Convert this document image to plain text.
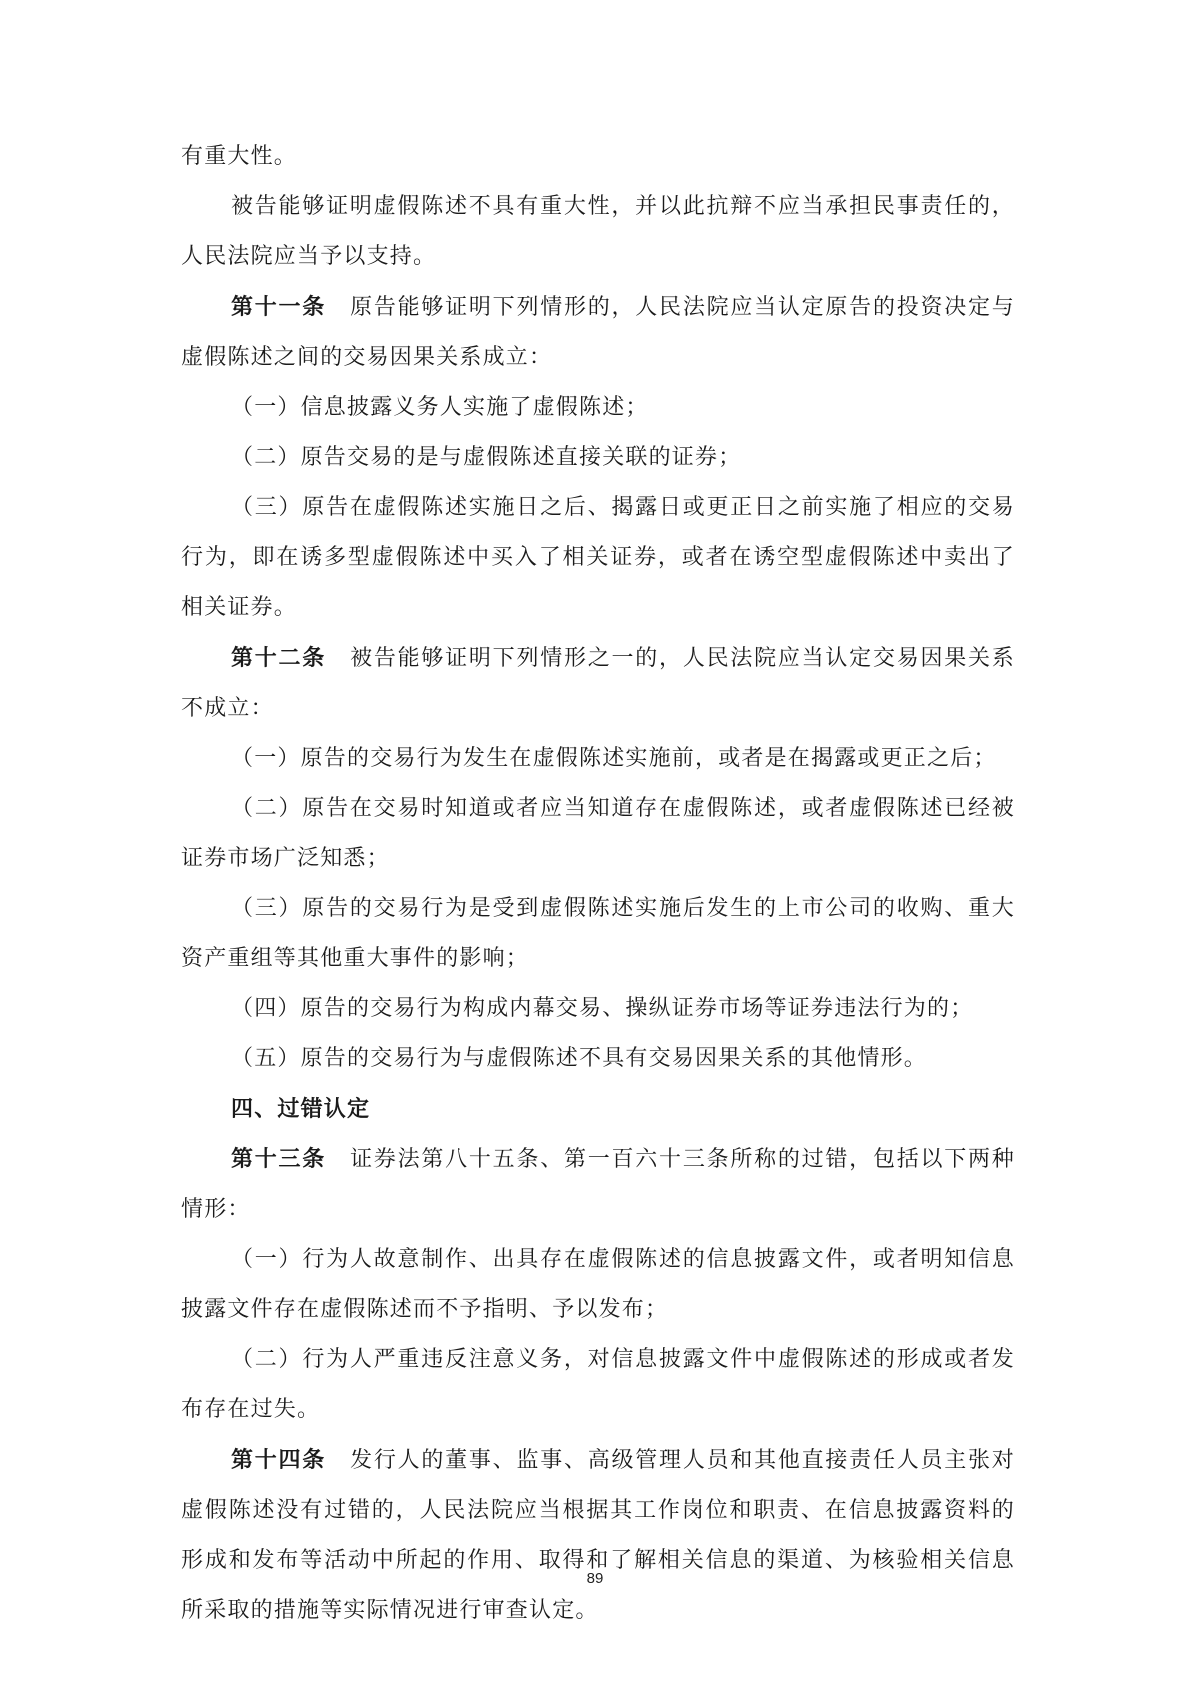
有重大性。

被告能够证明虚假陈述不具有重大性，并以此抗辩不应当承担民事责任的，人民法院应当予以支持。

第十一条 原告能够证明下列情形的，人民法院应当认定原告的投资决定与虚假陈述之间的交易因果关系成立：

（一）信息披露义务人实施了虚假陈述；

（二）原告交易的是与虚假陈述直接关联的证券；

（三）原告在虚假陈述实施日之后、揭露日或更正日之前实施了相应的交易行为，即在诱多型虚假陈述中买入了相关证券，或者在诱空型虚假陈述中卖出了相关证券。

第十二条 被告能够证明下列情形之一的，人民法院应当认定交易因果关系不成立：

（一）原告的交易行为发生在虚假陈述实施前，或者是在揭露或更正之后；

（二）原告在交易时知道或者应当知道存在虚假陈述，或者虚假陈述已经被证券市场广泛知悉；

（三）原告的交易行为是受到虚假陈述实施后发生的上市公司的收购、重大资产重组等其他重大事件的影响；

（四）原告的交易行为构成内幕交易、操纵证券市场等证券违法行为的；

（五）原告的交易行为与虚假陈述不具有交易因果关系的其他情形。

四、过错认定

第十三条 证券法第八十五条、第一百六十三条所称的过错，包括以下两种情形：

（一）行为人故意制作、出具存在虚假陈述的信息披露文件，或者明知信息披露文件存在虚假陈述而不予指明、予以发布；

（二）行为人严重违反注意义务，对信息披露文件中虚假陈述的形成或者发布存在过失。

第十四条 发行人的董事、监事、高级管理人员和其他直接责任人员主张对虚假陈述没有过错的，人民法院应当根据其工作岗位和职责、在信息披露资料的形成和发布等活动中所起的作用、取得和了解相关信息的渠道、为核验相关信息所采取的措施等实际情况进行审查认定。

89
